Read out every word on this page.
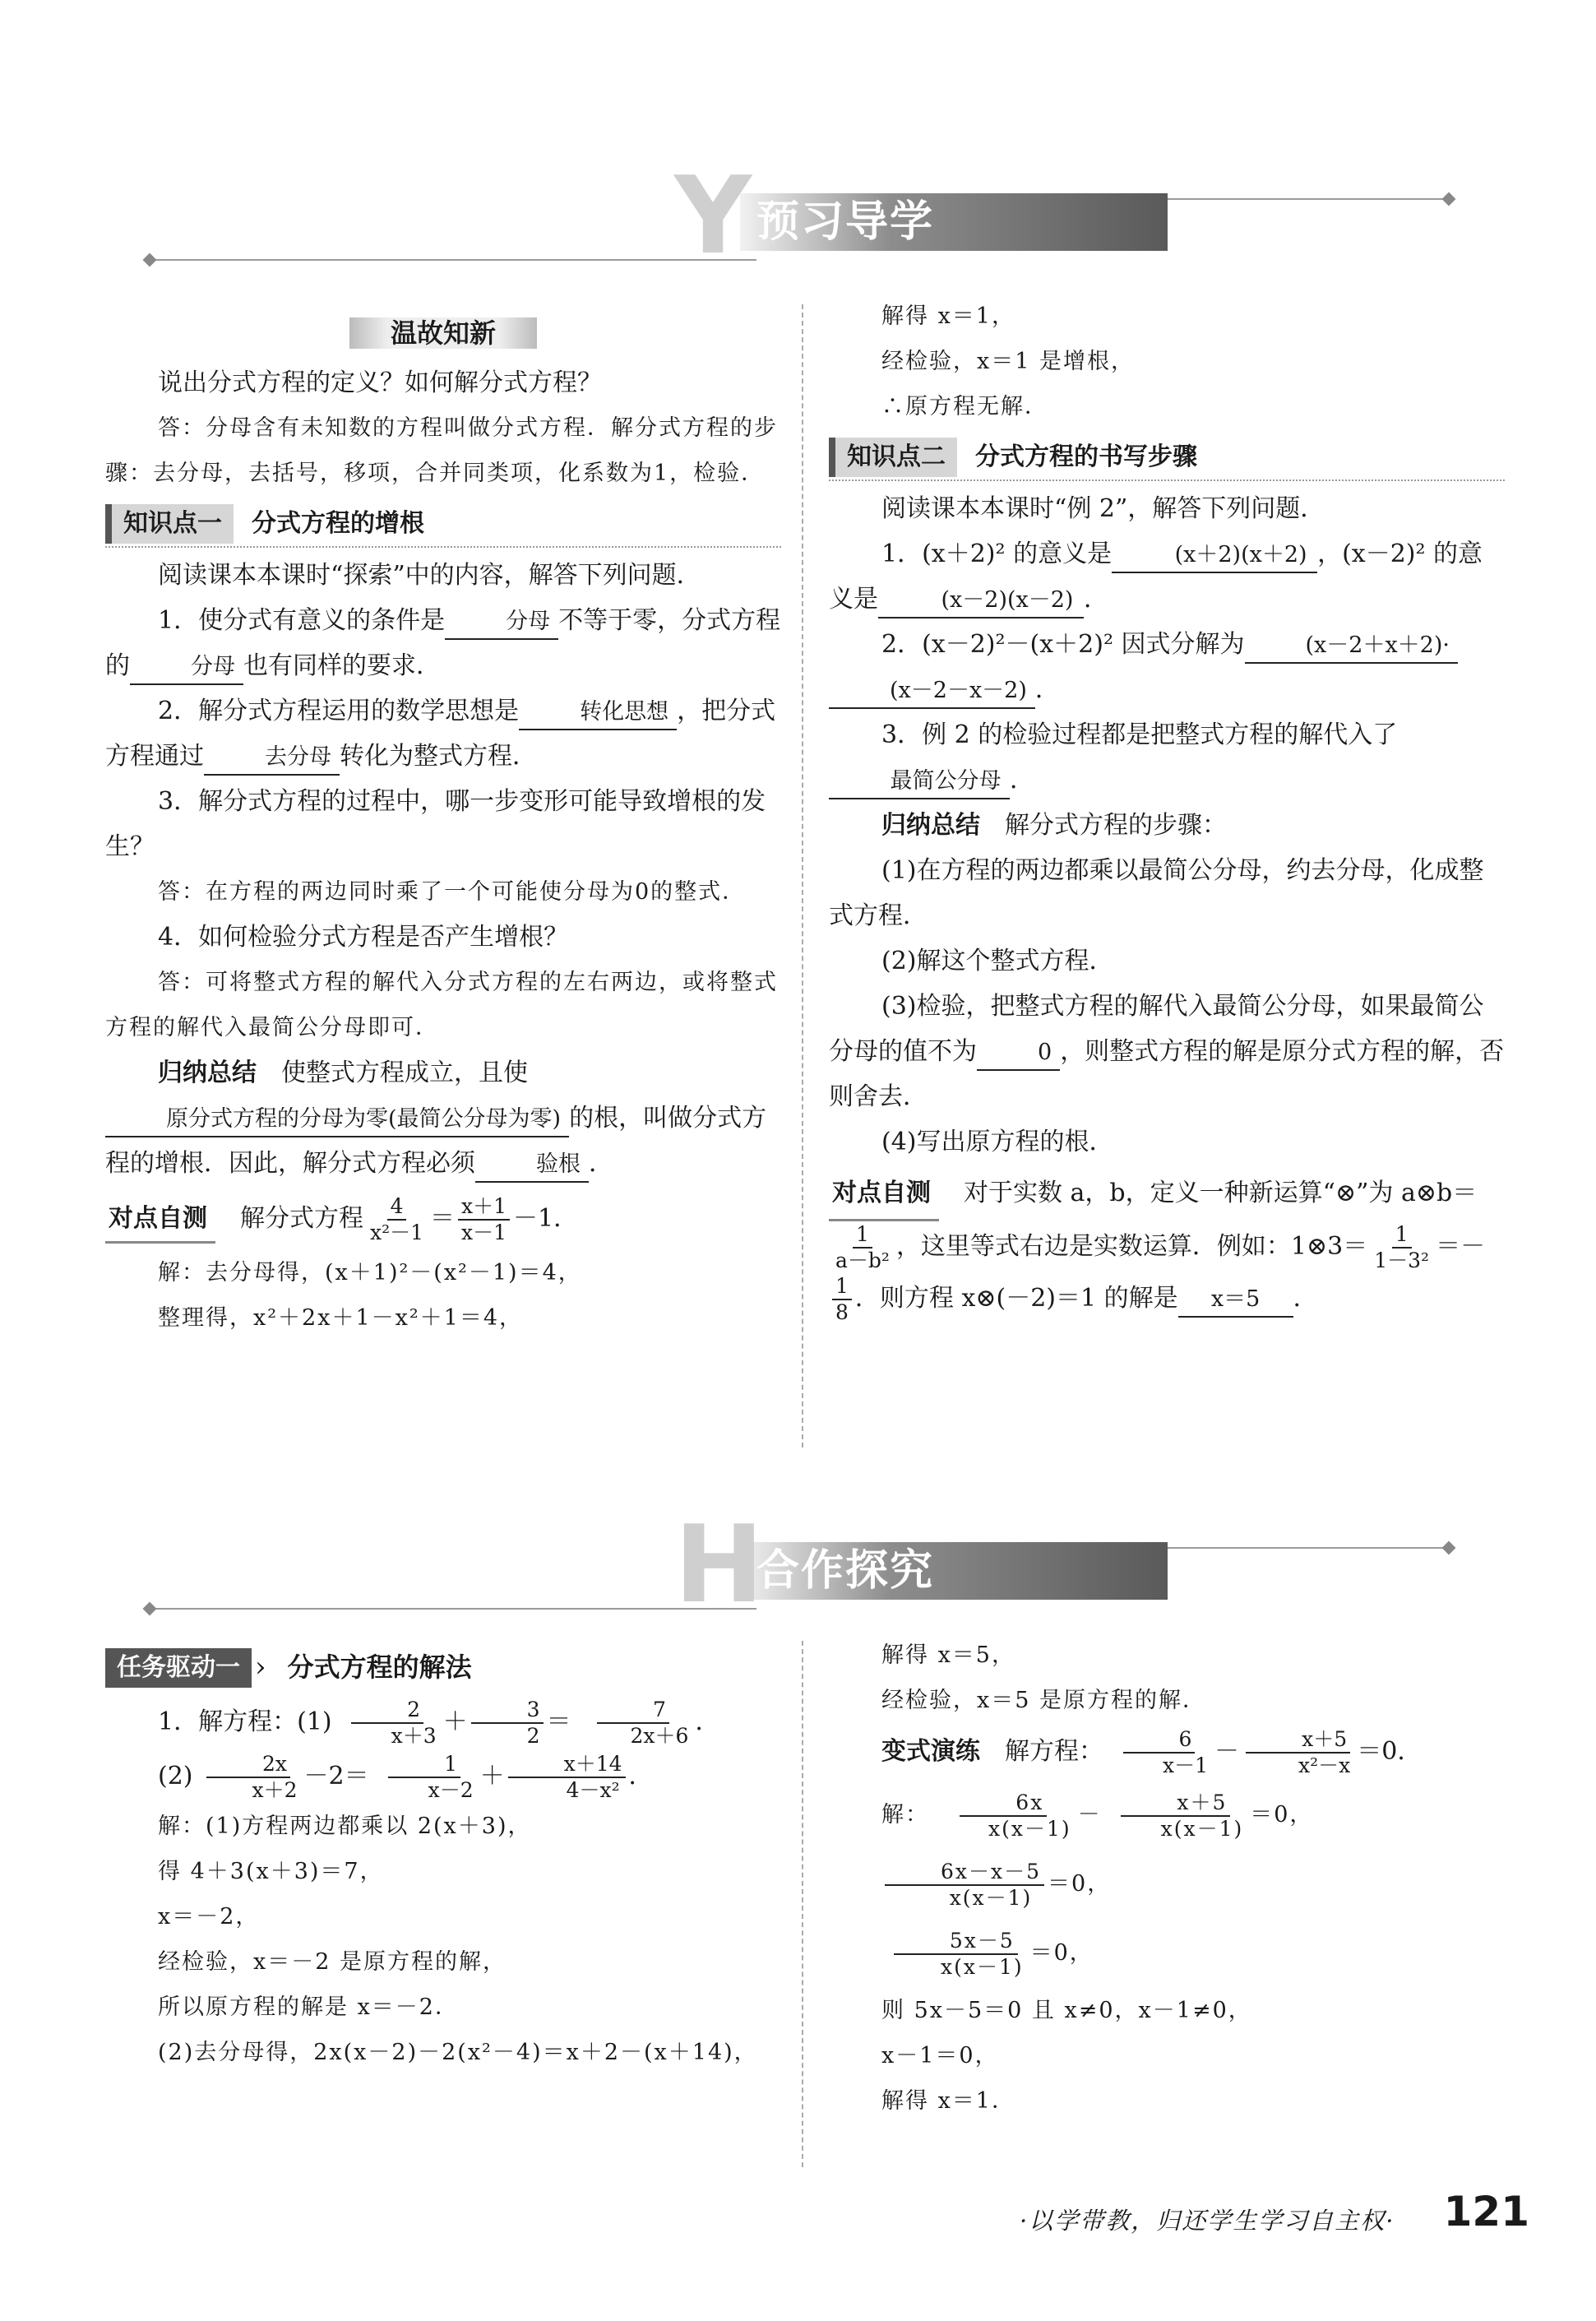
Y 预习导学

温故知新

说出分式方程的定义？如何解分式方程？

答：分母含有未知数的方程叫做分式方程．解分式方程的步骤：去分母，去括号，移项，合并同类项，化系数为1，检验．

知识点一	分式方程的增根

阅读课本本课时“探索”中的内容，解答下列问题．

1．使分式有意义的条件是	分母 不等于零，分式方程的	分母 也有同样的要求．

2．解分式方程运用的数学思想是	转化思想 ，把分式方程通过	去分母 转化为整式方程．

3．解分式方程的过程中，哪一步变形可能导致增根的发生？

答：在方程的两边同时乘了一个可能使分母为0的整式．

4．如何检验分式方程是否产生增根？

答：可将整式方程的解代入分式方程的左右两边，或将整式方程的解代入最简公分母即可．

归纳总结　 使整式方程成立，且使原分式方程的分母为零(最简公分母为零) 的根，叫做分式方程的增根．因此，解分式方程必须	验根 ．

对点自测 解分式方程 $\frac{4}{\text{x²－1}} = \frac{x+1}{x-1} -1$．

解：去分母得，(x＋1)²－(x²－1)＝4，

整理得，x²＋2x＋1－x²＋1＝4，

解得 x＝1，

经检验，x＝1 是增根，

∴原方程无解．

知识点二	分式方程的书写步骤

阅读课本本课时“例 2”，解答下列问题．

1．(x＋2)² 的意义是	(x＋2)(x＋2) ，(x－2)² 的意义是	(x－2)(x－2) ．

2．(x－2)²－(x＋2)² 因式分解为	(x－2＋x＋2)· (x－2－x－2) ．

3．例 2 的检验过程都是把整式方程的解代入了最简公分母 ．

归纳总结　 解分式方程的步骤：

(1)在方程的两边都乘以最简公分母，约去分母，化成整式方程．

(2)解这个整式方程．

(3)检验，把整式方程的解代入最简公分母，如果最简公分母的值不为	0 ，则整式方程的解是原分式方程的解，否则舍去．

(4)写出原方程的根．

对点自测 对于实数 a，b，定义一种新运算“⊗”为 a⊗b＝
$\frac{1}{\text{a－b²}}$ ，这里等式右边是实数运算．例如：1⊗3＝ $\frac{1}{\text{1－3²}}$ ＝－
$\frac{1}{8}$ ．则方程 x⊗(－2)＝1 的解是 x＝5 ．

H
合作探究
任务驱动一 › 分式方程的解法

1．解方程：$(1) \frac{2}{x+3} + \frac{3}{2} = \frac{7}{2x+6}$ ．

$(2) \frac{2x}{x+2} -2= \frac{1}{x-2} + \frac{x+14}{\text{4－x²}}$ ．

解：(1)方程两边都乘以 2(x＋3)，

得 4＋3(x＋3)＝7，

x＝－2，

经检验，x＝－2 是原方程的解，

所以原方程的解是 x＝－2．

(2)去分母得，2x(x－2)－2(x²－4)＝x＋2－(x＋14)，

解得 x＝5，

经检验，x＝5 是原方程的解．

变式演练　 解方程： $\frac{6}{x-1} - \frac{x+5}{\text{x²－x}} =0$．

解： $\frac{6x}{x(x-1)} - \frac{x+5}{x(x-1)} =0$，

$\frac{6x-x-5}{x(x-1)} =0$，

$\frac{5x-5}{x(x-1)} =0$，

则 5x－5＝0 且 x≠0，x－1≠0，

x－1＝0，

解得 x＝1．

·以学带教，归还学生学习自主权· 121
